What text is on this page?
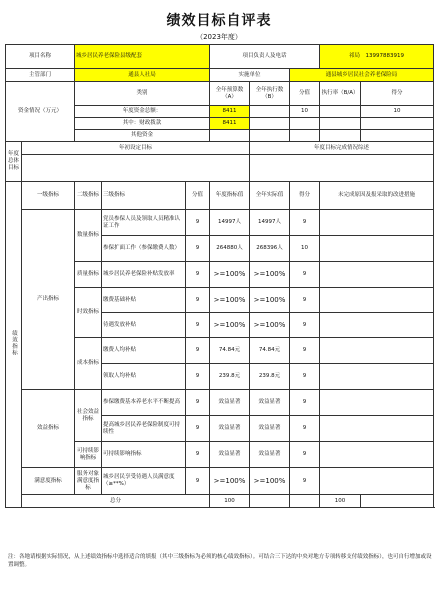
绩效目标自评表
（2023年度）
项目名称		城乡居民养老保险县级配套			项目负责人及电话			祁局　13997883919	
主管部门		通县人社局			实施单位		通县城乡居民社会养老保险局		
资金情况（万元）		类别			全年预算数（A）	全年执行数（B）	分值	执行率（B/A）	得分
		年度资金总额：			8411		10		10
		其中：财政拨款			8411				
		其他资金							
年度总体目标	年初设定目标					年度目标完成情况综述			

绩效指标	一级指标	二级指标	三级指标	分值	年度指标值	全年实际值	得分	未完成原因及报采取的改进措施	
	产出指标	数量指标	党员参保人员及领取人员精准认证工作	9	14997人	14997人	9		
			参保扩面工作（参保缴费人数）	9	264880人	268396人	10		
		质量指标	城乡居民养老保险补贴发放率	9	>=100%	>=100%	9		
		时效指标	缴费基础补贴	9	>=100%	>=100%	9		
			待遇发放补贴	9	>=100%	>=100%	9		
		成本指标	缴费人均补贴	9	74.84元	74.84元	9		
			领取人均补贴	9	239.8元	239.8元	9		
	效益指标	社会效益指标	参保缴费基本养老水平不断提高	9	效益显著	效益显著	9		
			提高城乡居民养老保险制度可持续性	9	效益显著	效益显著	9		
		可持续影响指标	可持续影响指标	9	效益显著	效益显著	9		
	满意度指标	服务对象满意度指标	城乡居民享受待遇人员满意度（≥**%）	9	>=100%	>=100%	9		
	总分				100			100	
注：各地请根据实际情况，从上述绩效指标中选择适合的填报（其中三级指标为必须的核心绩效指标）。可结合三下达的中央对地方专项转移支付绩效指标），也可自行增加或设置调整。
